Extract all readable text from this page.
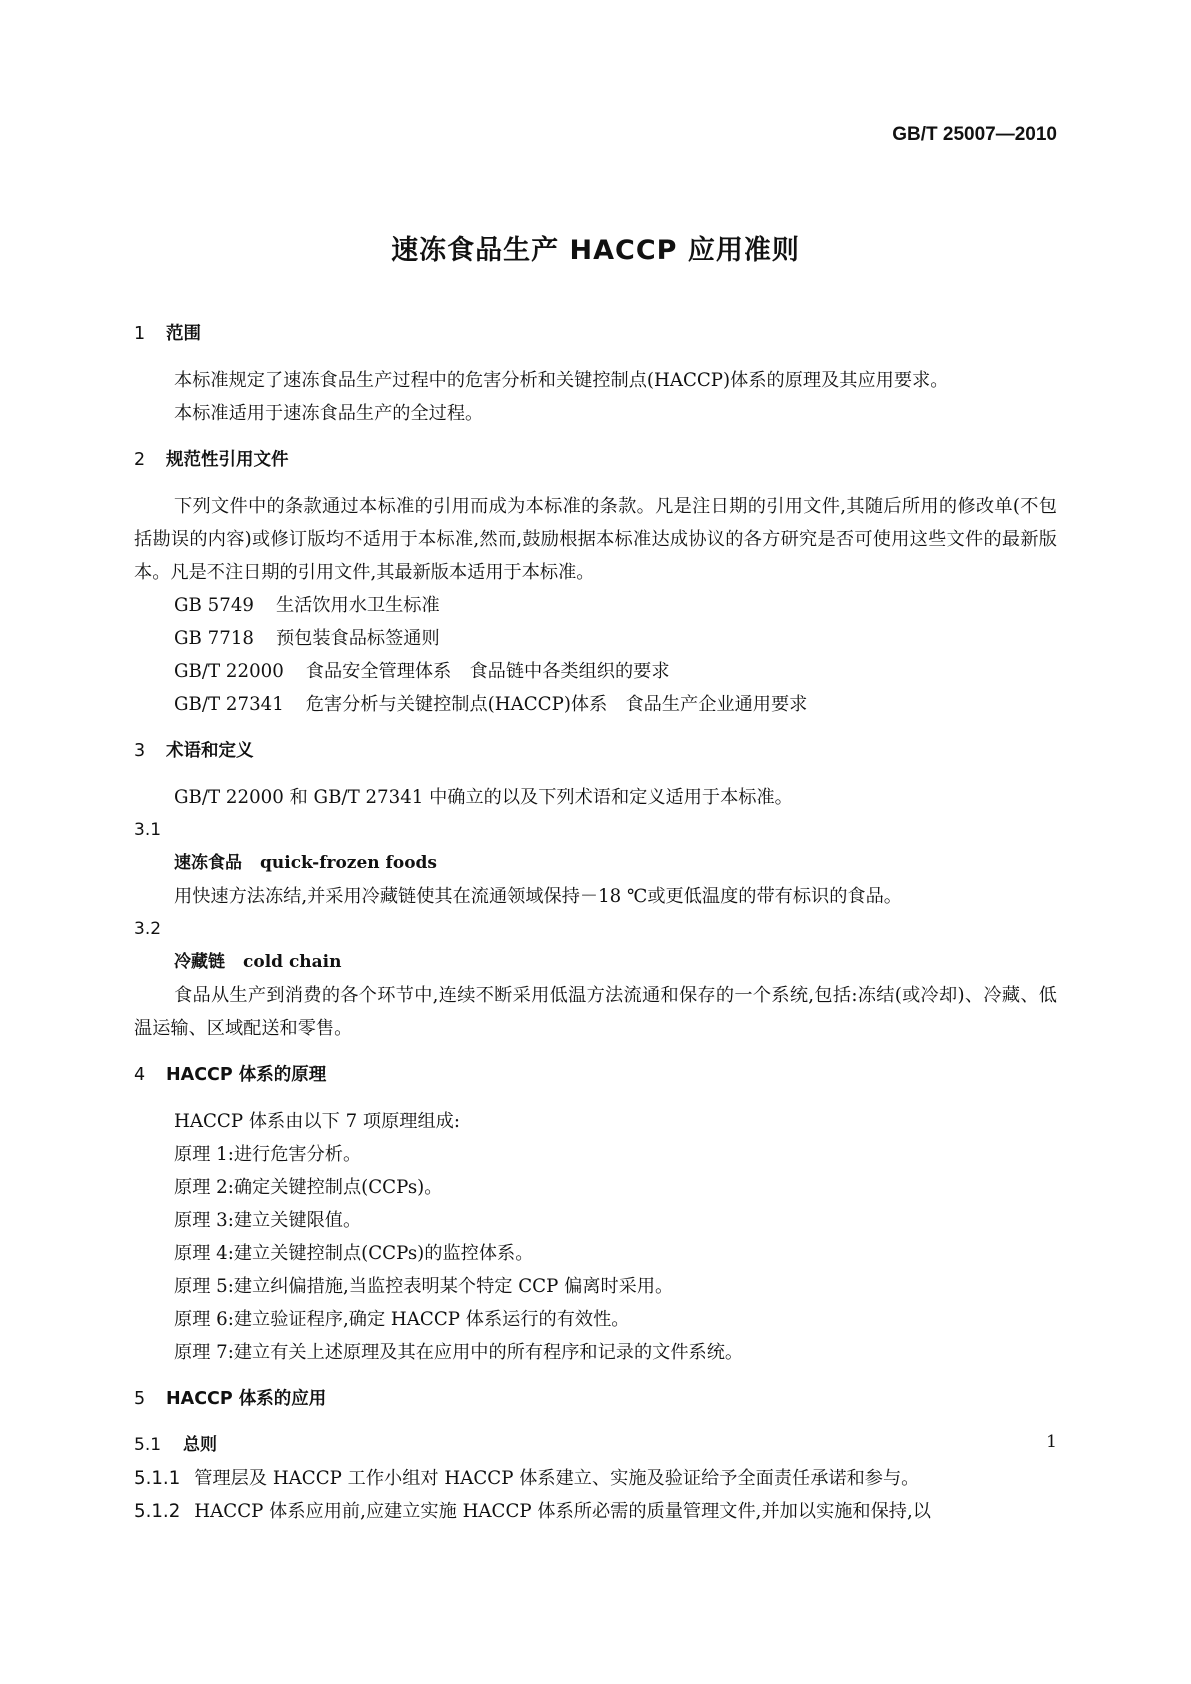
GB/T 25007—2010
速冻食品生产 HACCP 应用准则
1 范围

本标准规定了速冻食品生产过程中的危害分析和关键控制点(HACCP)体系的原理及其应用要求。

本标准适用于速冻食品生产的全过程。

2 规范性引用文件

下列文件中的条款通过本标准的引用而成为本标准的条款。凡是注日期的引用文件,其随后所用的修改单(不包括勘误的内容)或修订版均不适用于本标准,然而,鼓励根据本标准达成协议的各方研究是否可使用这些文件的最新版本。凡是不注日期的引用文件,其最新版本适用于本标准。

GB 5749 生活饮用水卫生标准

GB 7718 预包装食品标签通则

GB/T 22000 食品安全管理体系　食品链中各类组织的要求

GB/T 27341 危害分析与关键控制点(HACCP)体系　食品生产企业通用要求

3 术语和定义

GB/T 22000 和 GB/T 27341 中确立的以及下列术语和定义适用于本标准。

3.1

速冻食品 quick-frozen foods

用快速方法冻结,并采用冷藏链使其在流通领域保持－18 ℃或更低温度的带有标识的食品。

3.2

冷藏链 cold chain

食品从生产到消费的各个环节中,连续不断采用低温方法流通和保存的一个系统,包括:冻结(或冷却)、冷藏、低温运输、区域配送和零售。

4 HACCP 体系的原理

HACCP 体系由以下 7 项原理组成:

原理 1:进行危害分析。

原理 2:确定关键控制点(CCPs)。

原理 3:建立关键限值。

原理 4:建立关键控制点(CCPs)的监控体系。

原理 5:建立纠偏措施,当监控表明某个特定 CCP 偏离时采用。

原理 6:建立验证程序,确定 HACCP 体系运行的有效性。

原理 7:建立有关上述原理及其在应用中的所有程序和记录的文件系统。

5 HACCP 体系的应用

5.1 总则

5.1.1 管理层及 HACCP 工作小组对 HACCP 体系建立、实施及验证给予全面责任承诺和参与。

5.1.2 HACCP 体系应用前,应建立实施 HACCP 体系所必需的质量管理文件,并加以实施和保持,以

1
